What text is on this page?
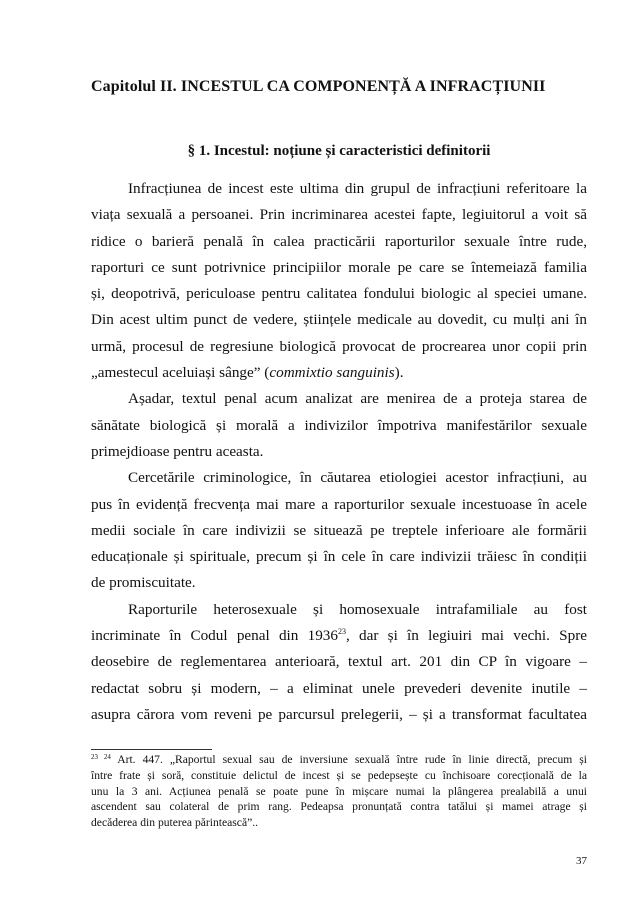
Capitolul II. INCESTUL CA COMPONENȚĂ A INFRACȚIUNII
§ 1. Incestul: noțiune și caracteristici definitorii
Infracțiunea de incest este ultima din grupul de infracțiuni referitoare la
viața sexuală a persoanei. Prin incriminarea acestei fapte, legiuitorul a voit să
ridice o barieră penală în calea practicării raporturilor sexuale între rude,
raporturi ce sunt potrivnice principiilor morale pe care se întemeiază familia
și, deopotrivă, periculoase pentru calitatea fondului biologic al speciei umane.
Din acest ultim punct de vedere, științele medicale au dovedit, cu mulți ani în
urmă, procesul de regresiune biologică provocat de procrearea unor copii prin
„amestecul aceluiași sânge” (commixtio sanguinis).
Așadar, textul penal acum analizat are menirea de a proteja starea de
sănătate biologică și morală a indivizilor împotriva manifestărilor sexuale
primejdioase pentru aceasta.
Cercetările criminologice, în căutarea etiologiei acestor infracțiuni, au
pus în evidență frecvența mai mare a raporturilor sexuale incestuoase în acele
medii sociale în care indivizii se situează pe treptele inferioare ale formării
educaționale și spirituale, precum și în cele în care indivizii trăiesc în condiții
de promiscuitate.
Raporturile heterosexuale și homosexuale intrafamiliale au fost
incriminate în Codul penal din 1936$^{23}$, dar și în legiuiri mai vechi. Spre
deosebire de reglementarea anterioară, textul art. 201 din CP în vigoare –
redactat sobru și modern, – a eliminat unele prevederi devenite inutile –
asupra cărora vom reveni pe parcursul prelegerii, – și a transformat facultatea
$^{23 24}$ Art. 447. „Raportul sexual sau de inversiune sexuală între rude în linie directă, precum și
între frate și soră, constituie delictul de incest și se pedepsește cu închisoare corecțională de la
unu la 3 ani. Acțiunea penală se poate pune în mișcare numai la plângerea prealabilă a unui
ascendent sau colateral de prim rang. Pedeapsa pronunțată contra tatălui și mamei atrage și
decăderea din puterea părintească”..
37
